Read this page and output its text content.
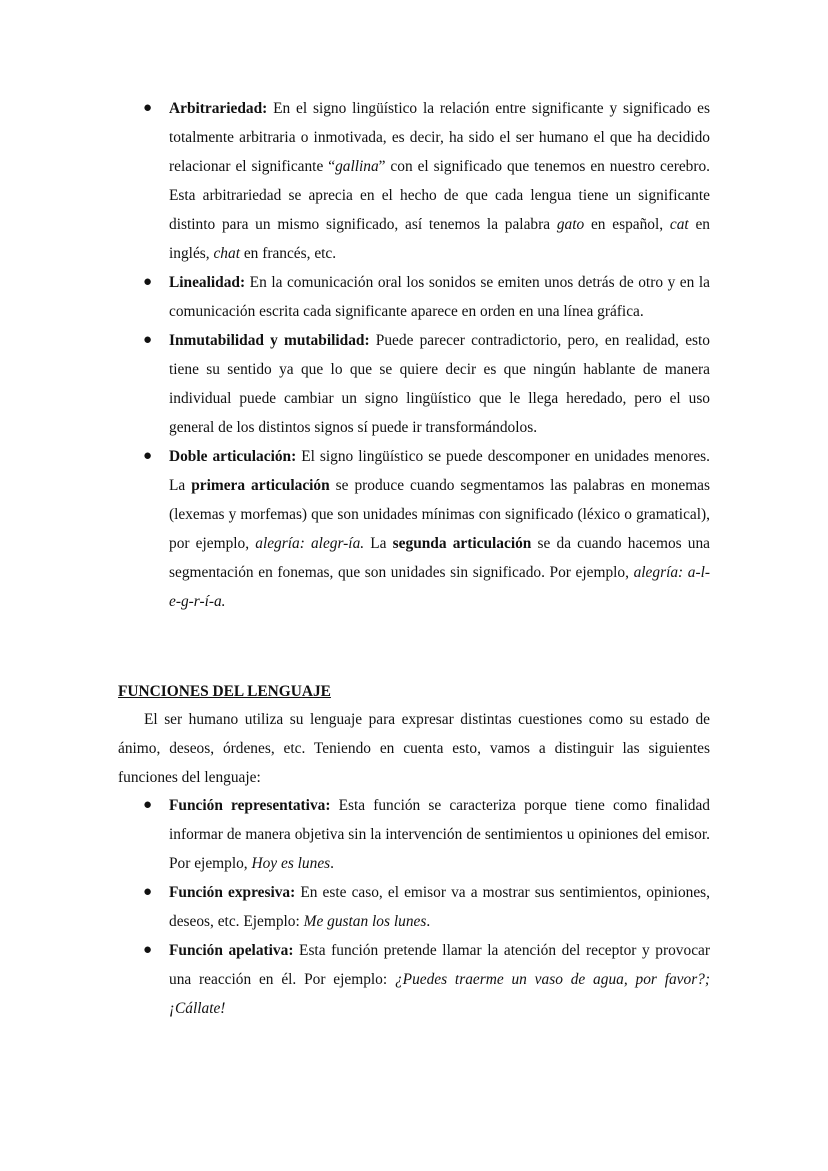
● Arbitrariedad: En el signo lingüístico la relación entre significante y significado es totalmente arbitraria o inmotivada, es decir, ha sido el ser humano el que ha decidido relacionar el significante “gallina” con el significado que tenemos en nuestro cerebro. Esta arbitrariedad se aprecia en el hecho de que cada lengua tiene un significante distinto para un mismo significado, así tenemos la palabra gato en español, cat en inglés, chat en francés, etc.
● Linealidad: En la comunicación oral los sonidos se emiten unos detrás de otro y en la comunicación escrita cada significante aparece en orden en una línea gráfica.
● Inmutabilidad y mutabilidad: Puede parecer contradictorio, pero, en realidad, esto tiene su sentido ya que lo que se quiere decir es que ningún hablante de manera individual puede cambiar un signo lingüístico que le llega heredado, pero el uso general de los distintos signos sí puede ir transformándolos.
● Doble articulación: El signo lingüístico se puede descomponer en unidades menores. La primera articulación se produce cuando segmentamos las palabras en monemas (lexemas y morfemas) que son unidades mínimas con significado (léxico o gramatical), por ejemplo, alegría: alegr-ía. La segunda articulación se da cuando hacemos una segmentación en fonemas, que son unidades sin significado. Por ejemplo, alegría: a-l-e-g-r-í-a.
FUNCIONES DEL LENGUAJE

El ser humano utiliza su lenguaje para expresar distintas cuestiones como su estado de ánimo, deseos, órdenes, etc. Teniendo en cuenta esto, vamos a distinguir las siguientes funciones del lenguaje:

● Función representativa: Esta función se caracteriza porque tiene como finalidad informar de manera objetiva sin la intervención de sentimientos u opiniones del emisor. Por ejemplo, Hoy es lunes.
● Función expresiva: En este caso, el emisor va a mostrar sus sentimientos, opiniones, deseos, etc. Ejemplo: Me gustan los lunes.
● Función apelativa: Esta función pretende llamar la atención del receptor y provocar una reacción en él. Por ejemplo: ¿Puedes traerme un vaso de agua, por favor?; ¡Cállate!
